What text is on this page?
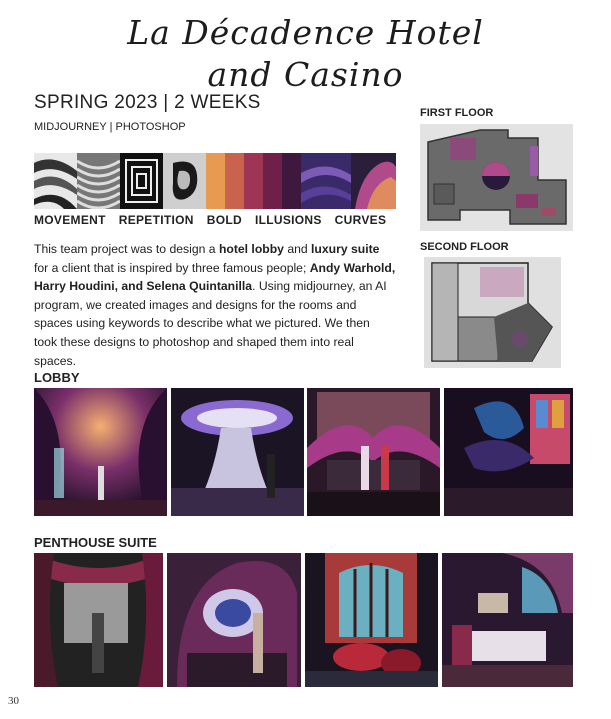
La Décadence Hotel
and Casino
SPRING 2023 | 2 WEEKS
MIDJOURNEY | PHOTOSHOP
MOVEMENT REPETITION BOLD ILLUSIONS CURVES
This team project was to design a hotel lobby and luxury suite for a client that is inspired by three famous people; Andy Warhold, Harry Houdini, and Selena Quintanilla. Using midjourney, an AI program, we created images and designs for the rooms and spaces using keywords to describe what we pictured. We then took these designs to photoshop and shaped them into real spaces.
FIRST FLOOR
SECOND FLOOR
LOBBY
PENTHOUSE SUITE
30
